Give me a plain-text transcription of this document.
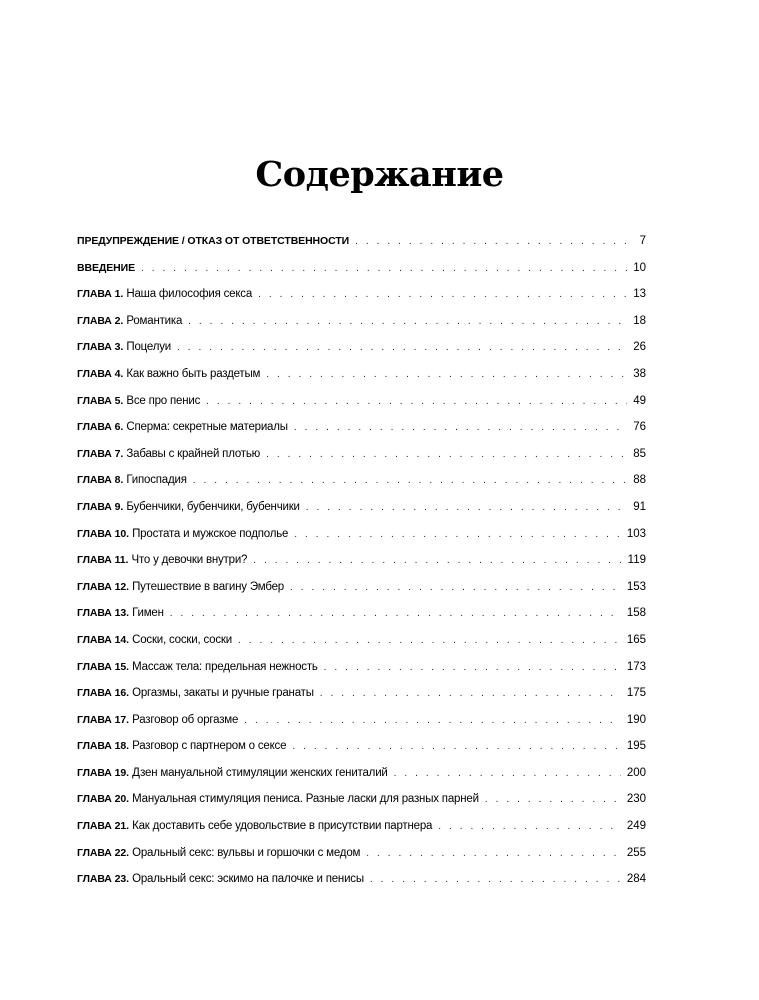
Содержание
ПРЕДУПРЕЖДЕНИЕ / ОТКАЗ ОТ ОТВЕТСТВЕННОСТИ . . .	7
ВВЕДЕНИЕ . . .	10
ГЛАВА 1. Наша философия секса . . .	13
ГЛАВА 2. Романтика . . .	18
ГЛАВА 3. Поцелуи . . .	26
ГЛАВА 4. Как важно быть раздетым . . .	38
ГЛАВА 5. Все про пенис . . .	49
ГЛАВА 6. Сперма: секретные материалы . . .	76
ГЛАВА 7. Забавы с крайней плотью . . .	85
ГЛАВА 8. Гипоспадия . . .	88
ГЛАВА 9. Бубенчики, бубенчики, бубенчики . . .	91
ГЛАВА 10. Простата и мужское подполье . . .	103
ГЛАВА 11. Что у девочки внутри? . . .	119
ГЛАВА 12. Путешествие в вагину Эмбер . . .	153
ГЛАВА 13. Гимен . . .	158
ГЛАВА 14. Соски, соски, соски . . .	165
ГЛАВА 15. Массаж тела: предельная нежность . . .	173
ГЛАВА 16. Оргазмы, закаты и ручные гранаты . . .	175
ГЛАВА 17. Разговор об оргазме . . .	190
ГЛАВА 18. Разговор с партнером о сексе . . .	195
ГЛАВА 19. Дзен мануальной стимуляции женских гениталий . . .	200
ГЛАВА 20. Мануальная стимуляция пениса. Разные ласки для разных парней . . .	230
ГЛАВА 21. Как доставить себе удовольствие в присутствии партнера . . .	249
ГЛАВА 22. Оральный секс: вульвы и горшочки с медом . . .	255
ГЛАВА 23. Оральный секс: эскимо на палочке и пенисы . . .	284
